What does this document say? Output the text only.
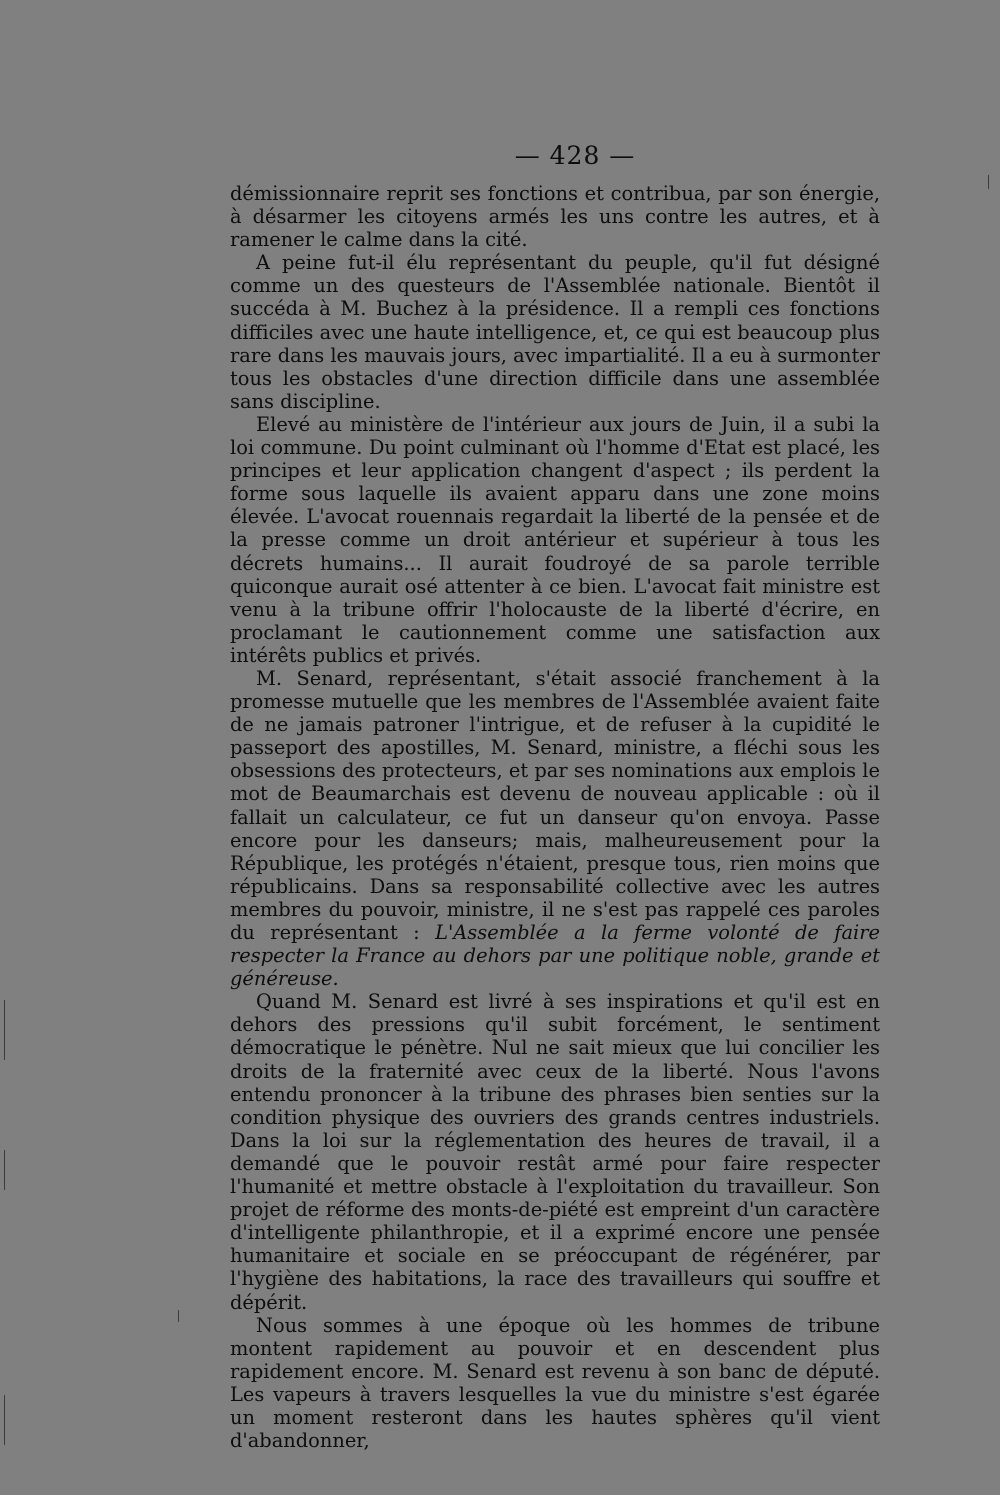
— 428 —

démissionnaire reprit ses fonctions et contribua, par son énergie, à désarmer les citoyens armés les uns contre les autres, et à ramener le calme dans la cité.

A peine fut-il élu représentant du peuple, qu'il fut désigné comme un des questeurs de l'Assemblée nationale. Bientôt il succéda à M. Buchez à la présidence. Il a rempli ces fonctions difficiles avec une haute intelligence, et, ce qui est beaucoup plus rare dans les mauvais jours, avec impartialité. Il a eu à surmonter tous les obstacles d'une direction difficile dans une assemblée sans discipline.

Elevé au ministère de l'intérieur aux jours de Juin, il a subi la loi commune. Du point culminant où l'homme d'Etat est placé, les principes et leur application changent d'aspect ; ils perdent la forme sous laquelle ils avaient apparu dans une zone moins élevée. L'avocat rouennais regardait la liberté de la pensée et de la presse comme un droit antérieur et supérieur à tous les décrets humains... Il aurait foudroyé de sa parole terrible quiconque aurait osé attenter à ce bien. L'avocat fait ministre est venu à la tribune offrir l'holocauste de la liberté d'écrire, en proclamant le cautionnement comme une satisfaction aux intérêts publics et privés.

M. Senard, représentant, s'était associé franchement à la promesse mutuelle que les membres de l'Assemblée avaient faite de ne jamais patroner l'intrigue, et de refuser à la cupidité le passeport des apostilles, M. Senard, ministre, a fléchi sous les obsessions des protecteurs, et par ses nominations aux emplois le mot de Beaumarchais est devenu de nouveau applicable : où il fallait un calculateur, ce fut un danseur qu'on envoya. Passe encore pour les danseurs; mais, malheureusement pour la République, les protégés n'étaient, presque tous, rien moins que républicains. Dans sa responsabilité collective avec les autres membres du pouvoir, ministre, il ne s'est pas rappelé ces paroles du représentant : L'Assemblée a la ferme volonté de faire respecter la France au dehors par une politique noble, grande et généreuse.

Quand M. Senard est livré à ses inspirations et qu'il est en dehors des pressions qu'il subit forcément, le sentiment démocratique le pénètre. Nul ne sait mieux que lui concilier les droits de la fraternité avec ceux de la liberté. Nous l'avons entendu prononcer à la tribune des phrases bien senties sur la condition physique des ouvriers des grands centres industriels. Dans la loi sur la réglementation des heures de travail, il a demandé que le pouvoir restât armé pour faire respecter l'humanité et mettre obstacle à l'exploitation du travailleur. Son projet de réforme des monts-de-piété est empreint d'un caractère d'intelligente philanthropie, et il a exprimé encore une pensée humanitaire et sociale en se préoccupant de régénérer, par l'hygiène des habitations, la race des travailleurs qui souffre et dépérit.

Nous sommes à une époque où les hommes de tribune montent rapidement au pouvoir et en descendent plus rapidement encore. M. Senard est revenu à son banc de député. Les vapeurs à travers lesquelles la vue du ministre s'est égarée un moment resteront dans les hautes sphères qu'il vient d'abandonner,
